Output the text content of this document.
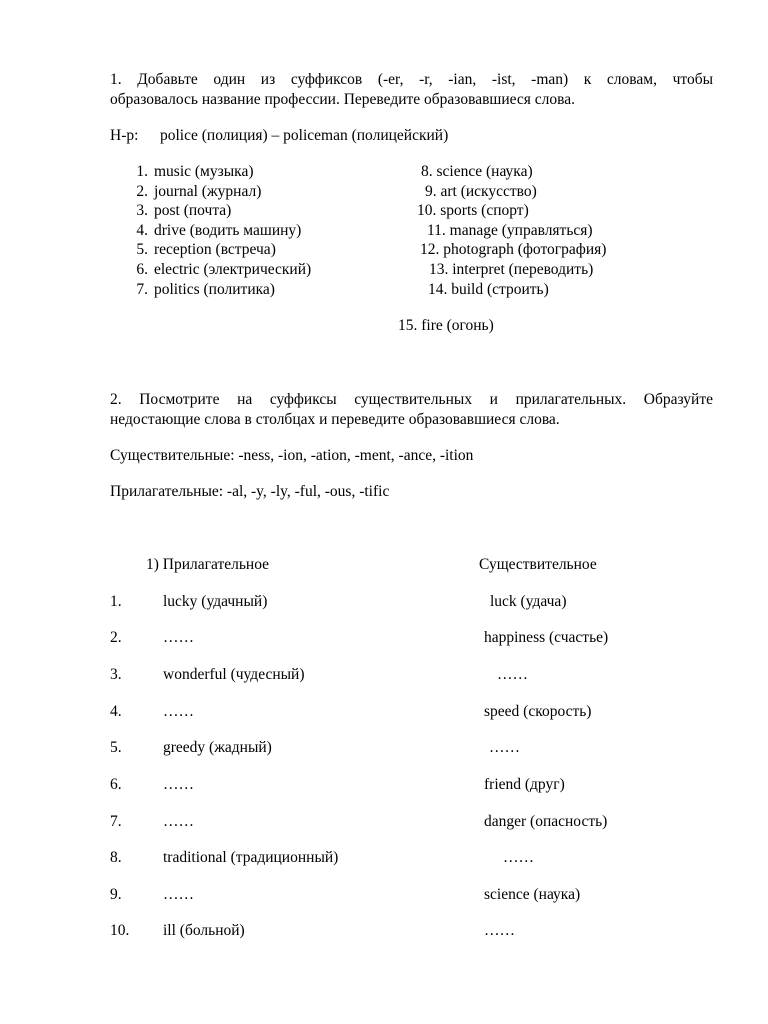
1. Добавьте один из суффиксов (-er, -r, -ian, -ist, -man) к словам, чтобы
образовалось название профессии. Переведите образовавшиеся слова.
Н-р: police (полиция) – policeman (полицейский)
1. music (музыка)
2. journal (журнал)
3. post (почта)
4. drive (водить машину)
5. reception (встреча)
6. electric (электрический)
7. politics (политика)
8. science (наука)
9. art (искусство)
10. sports (спорт)
11. manage (управляться)
12. photograph (фотография)
13. interpret (переводить)
14. build (строить)
15. fire (огонь)
2. Посмотрите на суффиксы существительных и прилагательных. Образуйте
недостающие слова в столбцах и переведите образовавшиеся слова.
Существительные: -ness, -ion, -ation, -ment, -ance, -ition
Прилагательные: -al, -y, -ly, -ful, -ous, -tific
1) Прилагательное	Существительное
1.	lucky (удачный)	luck (удача)
2.	……	happiness (счастье)
3.	wonderful (чудесный)	……
4.	……	speed (скорость)
5.	greedy (жадный)	……
6.	……	friend (друг)
7.	……	danger (опасность)
8.	traditional (традиционный)	……
9.	……	science (наука)
10. ill (больной)	……
